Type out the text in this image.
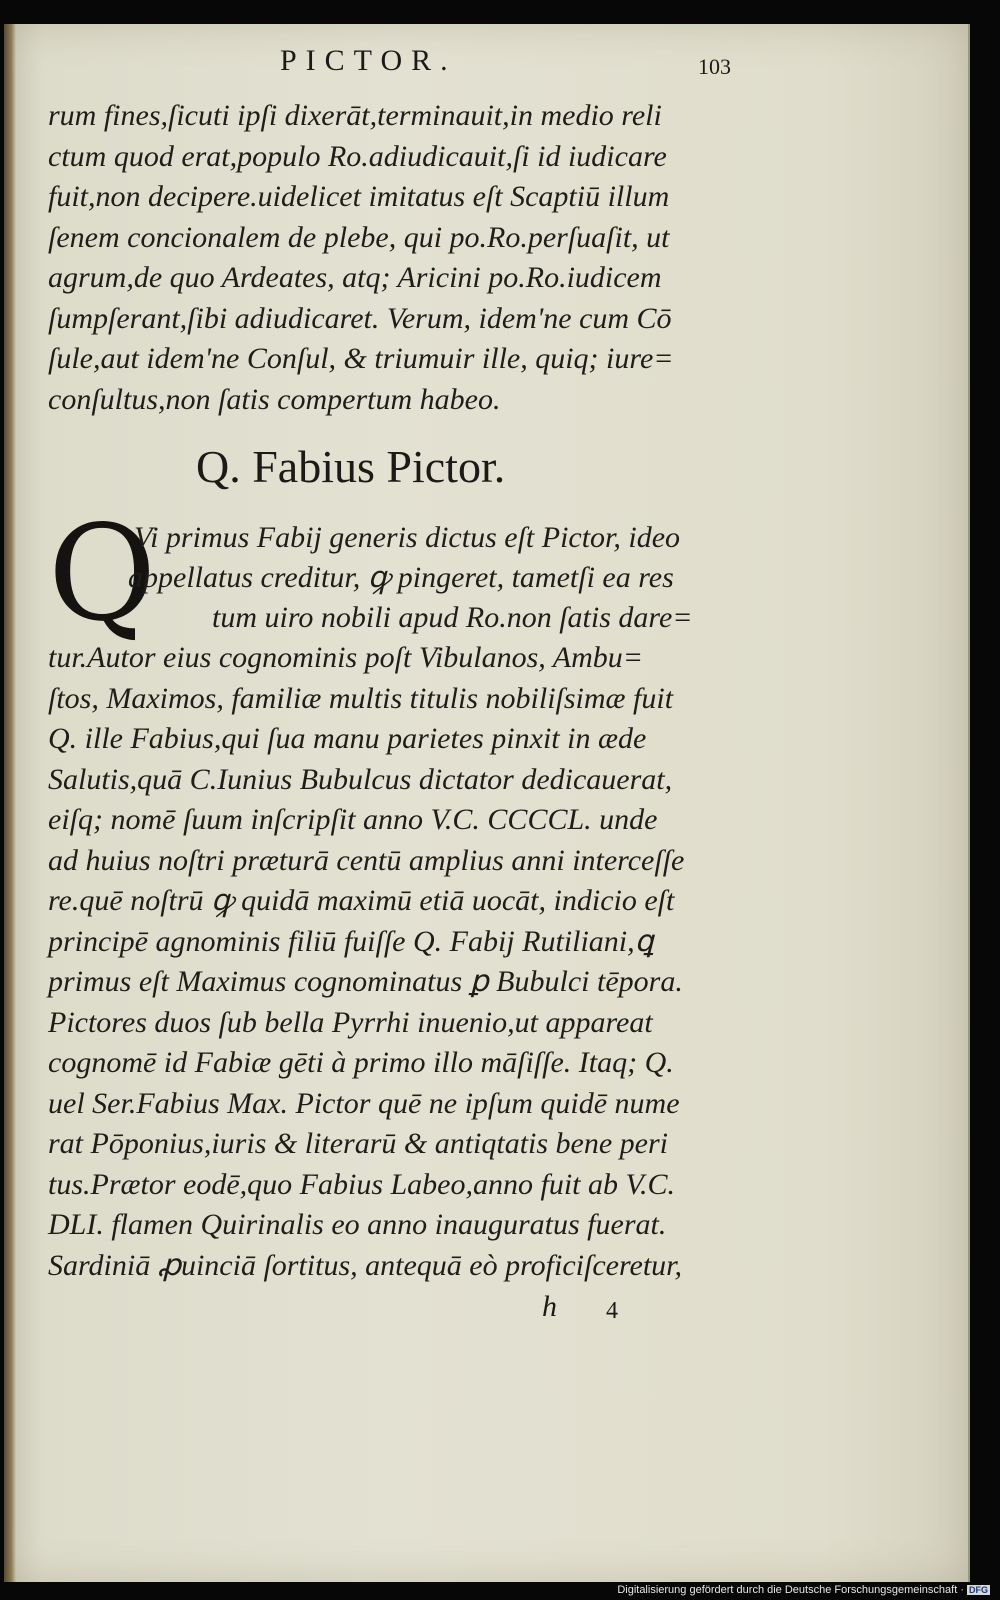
PICTOR.	103
rum fines,ſicuti ipſi dixerāt,terminauit,in medio reli
ctum quod erat,populo Ro.adiudicauit,ſi id iudicare
fuit,non decipere.uidelicet imitatus eſt Scaptiū illum
ſenem concionalem de plebe, qui po.Ro.perſuaſit, ut
agrum,de quo Ardeates, atq; Aricini po.Ro.iudicem
ſumpſerant,ſibi adiudicaret. Verum, idem'ne cum Cō
ſule,aut idem'ne Conſul, & triumuir ille, quiq; iure=
conſultus,non ſatis compertum habeo.
Q. Fabius Pictor.
Q
Vi primus Fabij generis dictus eſt Pictor, ideo
appellatus creditur, ꝙ pingeret, tametſi ea res
tum uiro nobili apud Ro.non ſatis dare=
tur.Autor eius cognominis poſt Vibulanos, Ambu=
ſtos, Maximos, familiæ multis titulis nobiliſsimæ fuit
Q. ille Fabius,qui ſua manu parietes pinxit in æde
Salutis,quā C.Iunius Bubulcus dictator dedicauerat,
eiſq; nomē ſuum inſcripſit anno V.C. CCCCL. unde
ad huius noſtri præturā centū amplius anni interceſſe
re.quē noſtrū ꝙ quidā maximū etiā uocāt, indicio eſt
principē agnominis filiū fuiſſe Q. Fabij Rutiliani,ꝗ
primus eſt Maximus cognominatus ꝑ Bubulci tēpora.
Pictores duos ſub bella Pyrrhi inuenio,ut appareat
cognomē id Fabiæ gēti à primo illo māſiſſe. Itaq; Q.
uel Ser.Fabius Max. Pictor quē ne ipſum quidē nume
rat Pōponius,iuris & literarū & antiqtatis bene peri
tus.Prætor eodē,quo Fabius Labeo,anno fuit ab V.C.
DLI. flamen Quirinalis eo anno inauguratus fuerat.
Sardiniā ꝓuinciā ſortitus, antequā eò proficiſceretur,
h 4
Digitalisierung gefördert durch die Deutsche Forschungsgemeinschaft · DFG
